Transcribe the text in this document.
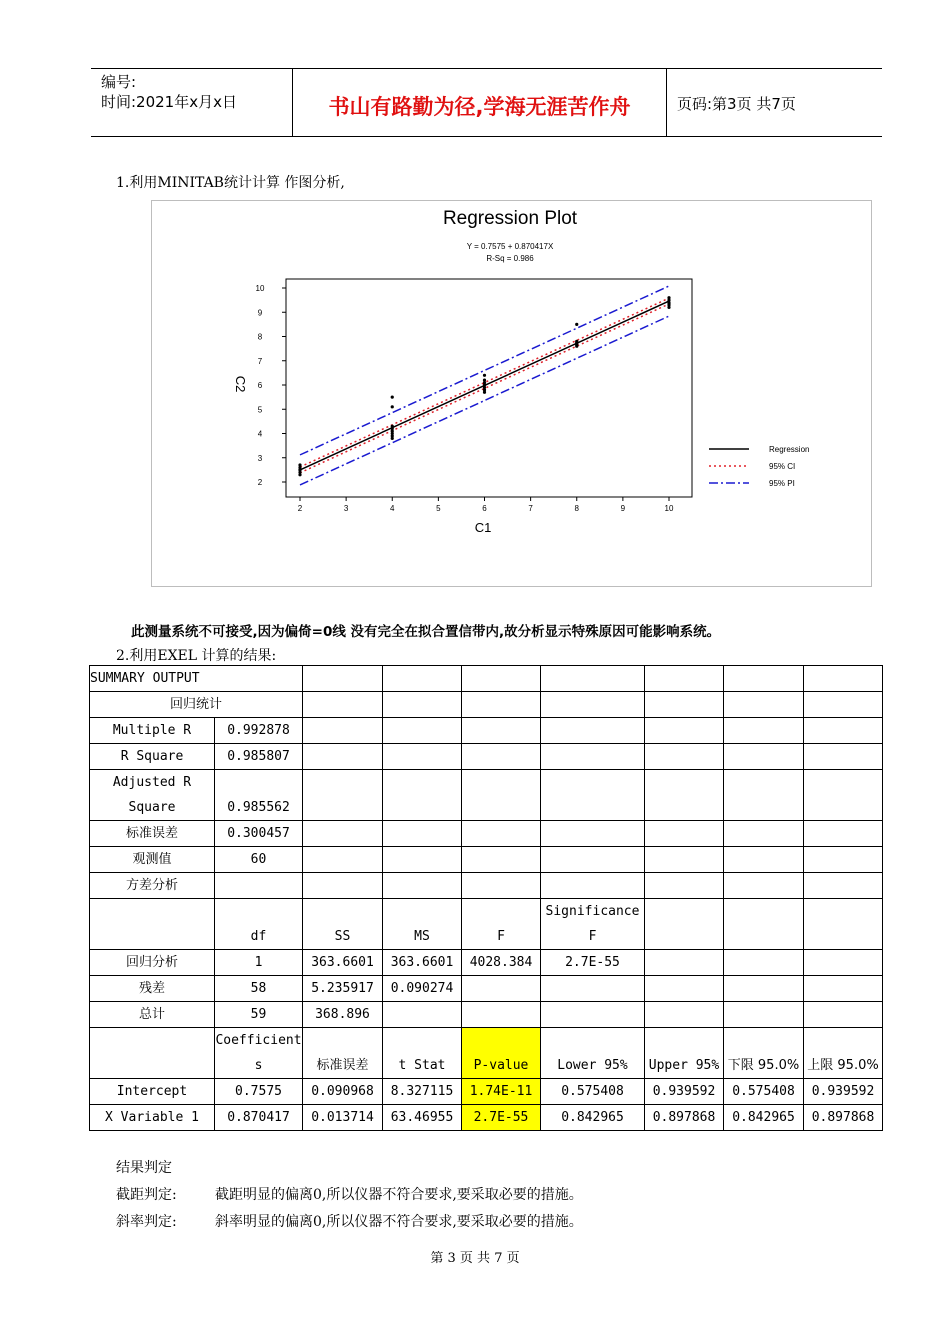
编号:
时间:2021年x月x日	书山有路勤为径,学海无涯苦作舟	页码:第3页 共7页
1.利用MINITAB统计计算 作图分析,
Regression Plot
Y = 0.7575 + 0.870417X
R-Sq = 0.986
2	3	4	5	6	7	8	9	10
2
3
4
5
6
7
8
9
10
C1
C2
Regression
95% CI
95% PI
此测量系统不可接受,因为偏倚=0线 没有完全在拟合置信带内,故分析显示特殊原因可能影响系统。
2.利用EXEL 计算的结果:
SUMMARY OUTPUT								
回归统计								
Multiple R	0.992878							
R Square	0.985807							
Adjusted R Square	0.985562							
标准误差	0.300457							
观测值	60							
方差分析								
	df	SS	MS	F	Significance F			
回归分析	1	363.6601	363.6601	4028.384	2.7E-55			
残差	58	5.235917	0.090274					
总计	59	368.896						
	Coefficients	标准误差	t Stat	P-value	Lower 95%	Upper 95%	下限 95.0%	上限 95.0%
Intercept	0.7575	0.090968	8.327115	1.74E-11	0.575408	0.939592	0.575408	0.939592
X Variable 1	0.870417	0.013714	63.46955	2.7E-55	0.842965	0.897868	0.842965	0.897868
结果判定
截距判定:	截距明显的偏离0,所以仪器不符合要求,要采取必要的措施。
斜率判定:	斜率明显的偏离0,所以仪器不符合要求,要采取必要的措施。
第 3 页 共 7 页
